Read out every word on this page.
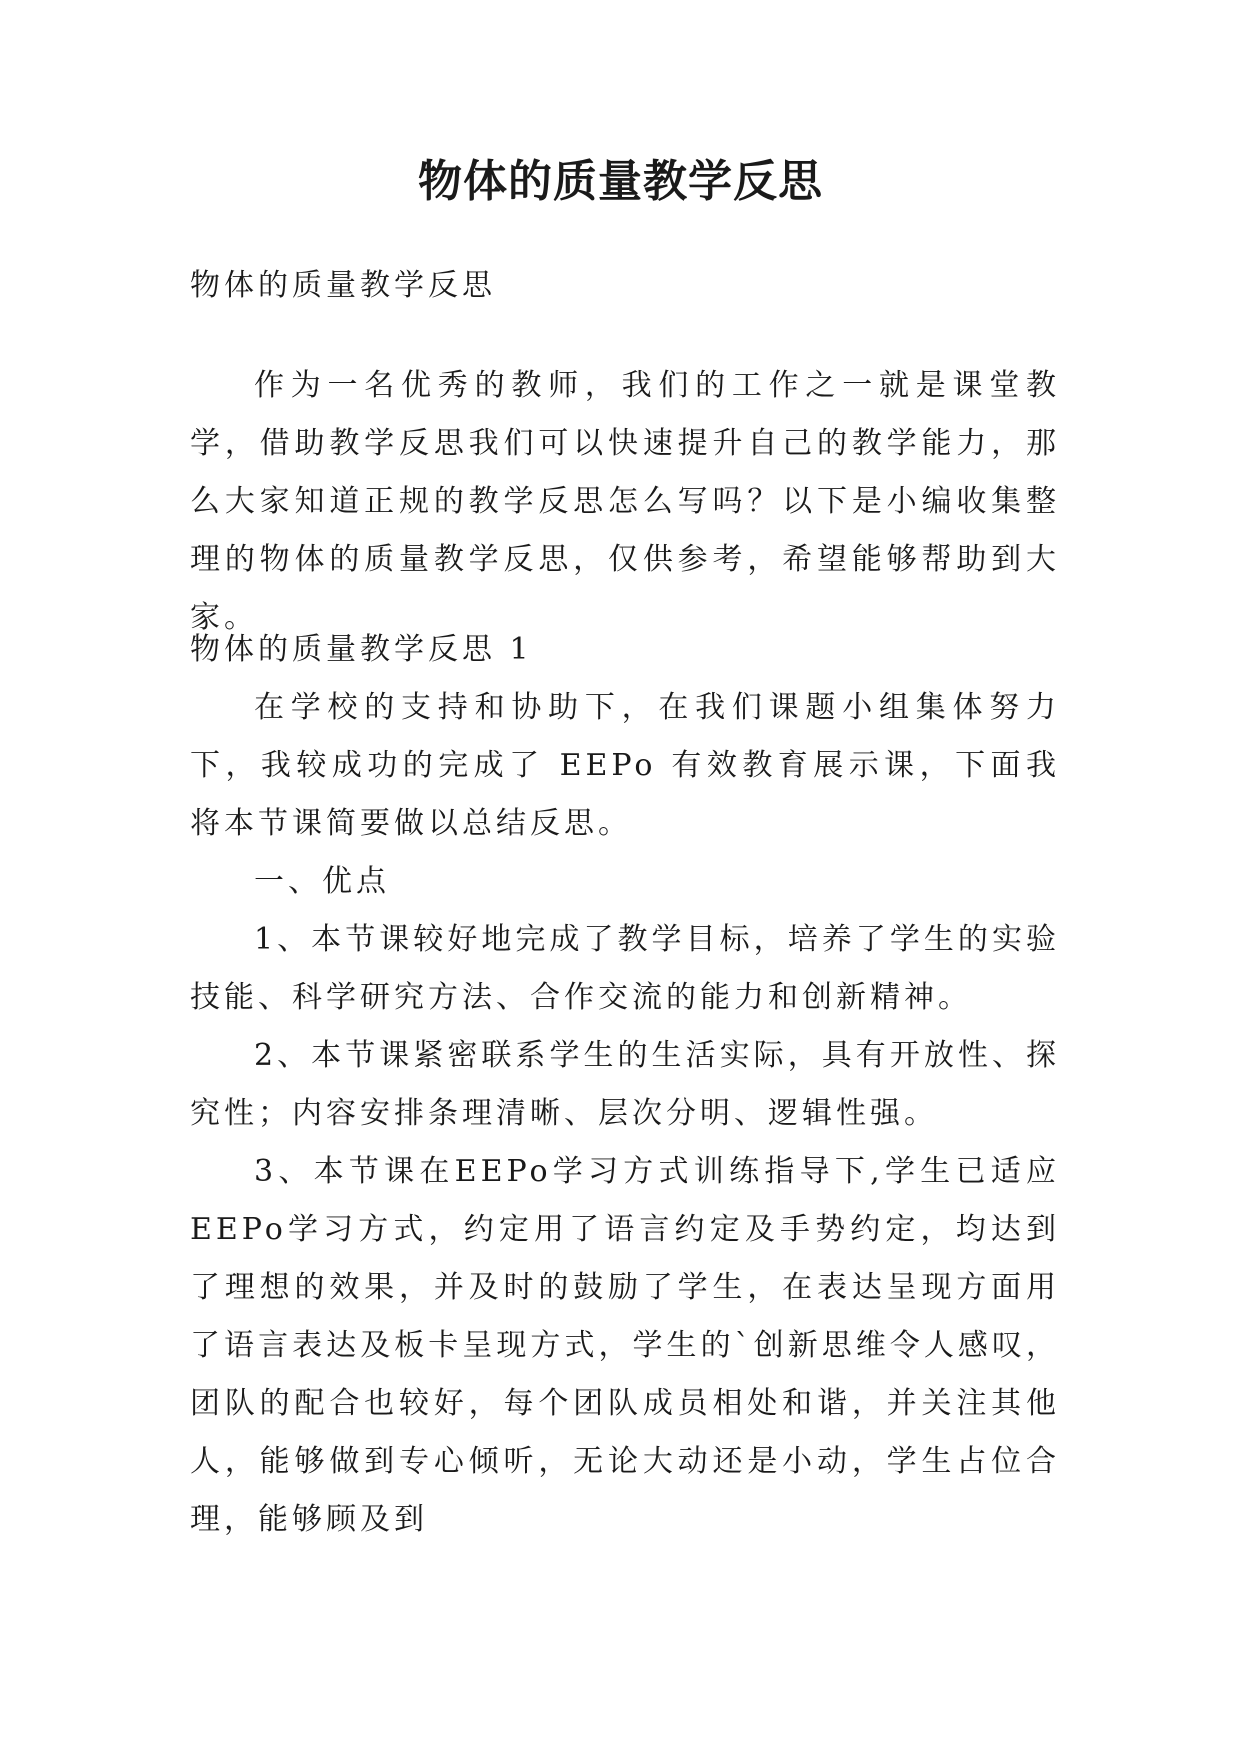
物体的质量教学反思

物体的质量教学反思

作为一名优秀的教师，我们的工作之一就是课堂教学，借助教学反思我们可以快速提升自己的教学能力，那么大家知道正规的教学反思怎么写吗？以下是小编收集整理的物体的质量教学反思，仅供参考，希望能够帮助到大家。

物体的质量教学反思 1

在学校的支持和协助下，在我们课题小组集体努力下，我较成功的完成了 EEPo 有效教育展示课，下面我将本节课简要做以总结反思。

一、优点

1、本节课较好地完成了教学目标，培养了学生的实验技能、科学研究方法、合作交流的能力和创新精神。

2、本节课紧密联系学生的生活实际，具有开放性、探究性；内容安排条理清晰、层次分明、逻辑性强。

3、本节课在EEPo学习方式训练指导下,学生已适应EEPo学习方式，约定用了语言约定及手势约定，均达到了理想的效果，并及时的鼓励了学生，在表达呈现方面用了语言表达及板卡呈现方式，学生的`创新思维令人感叹，团队的配合也较好，每个团队成员相处和谐，并关注其他人，能够做到专心倾听，无论大动还是小动，学生占位合理，能够顾及到
